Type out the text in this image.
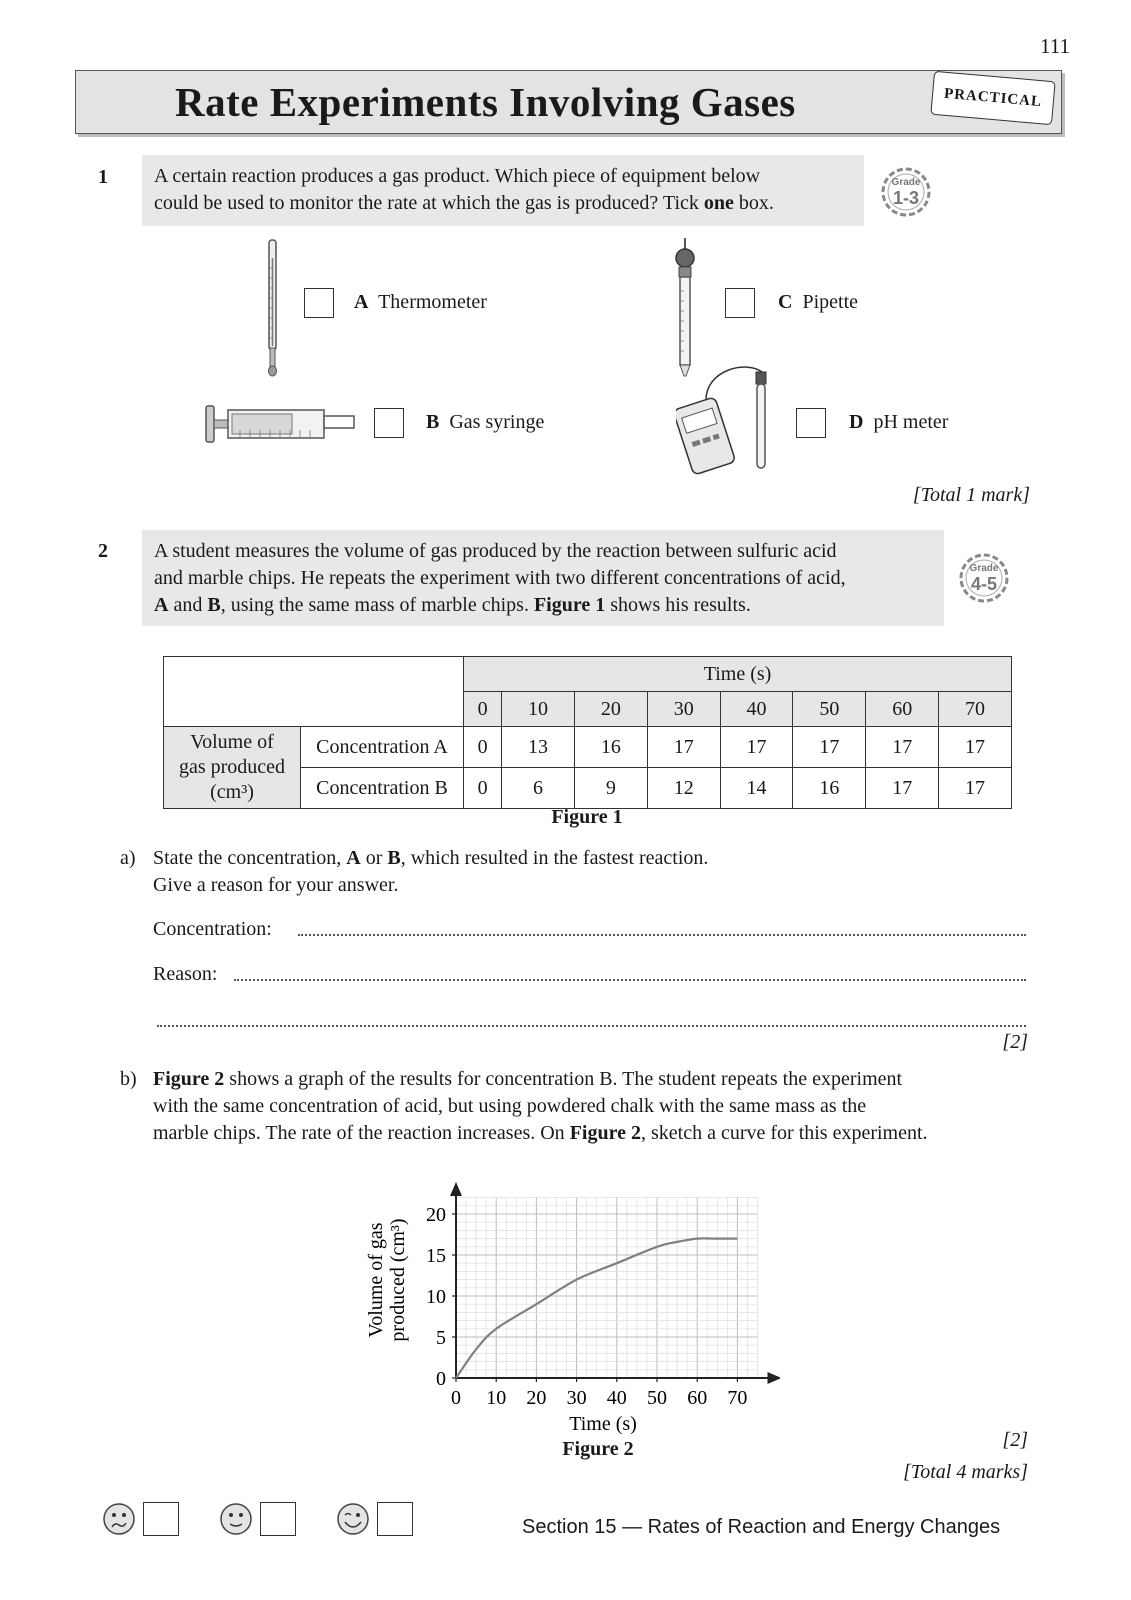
111
Rate Experiments Involving Gases	PRACTICAL
1 A certain reaction produces a gas product. Which piece of equipment below
could be used to monitor the rate at which the gas is produced? Tick one box.
Grade
1-3
A Thermometer	C Pipette
B Gas syringe	D pH meter
[Total 1 mark]
2 A student measures the volume of gas produced by the reaction between sulfuric acid
and marble chips. He repeats the experiment with two different concentrations of acid,
A and B, using the same mass of marble chips. Figure 1 shows his results.
Grade
4-5
		Time (s)							
		0	10	20	30	40	50	60	70

Volume of
gas produced
(cm³)	Concentration A	0	13	16	17	17	17	17	17
	Concentration B	0	6	9	12	14	16	17	17
Figure 1
a) State the concentration, A or B, which resulted in the fastest reaction.
Give a reason for your answer.
Concentration:
Reason:
[2]
b) Figure 2 shows a graph of the results for concentration B. The student repeats the experiment
with the same concentration of acid, but using powdered chalk with the same mass as the
marble chips. The rate of the reaction increases. On Figure 2, sketch a curve for this experiment.
0 10 20 30 40 50 60 70
0
5
10
15
20
Time (s)
Volume of gas produced (cm³)
Figure 2	[2]
[Total 4 marks]
Section 15 — Rates of Reaction and Energy Changes
